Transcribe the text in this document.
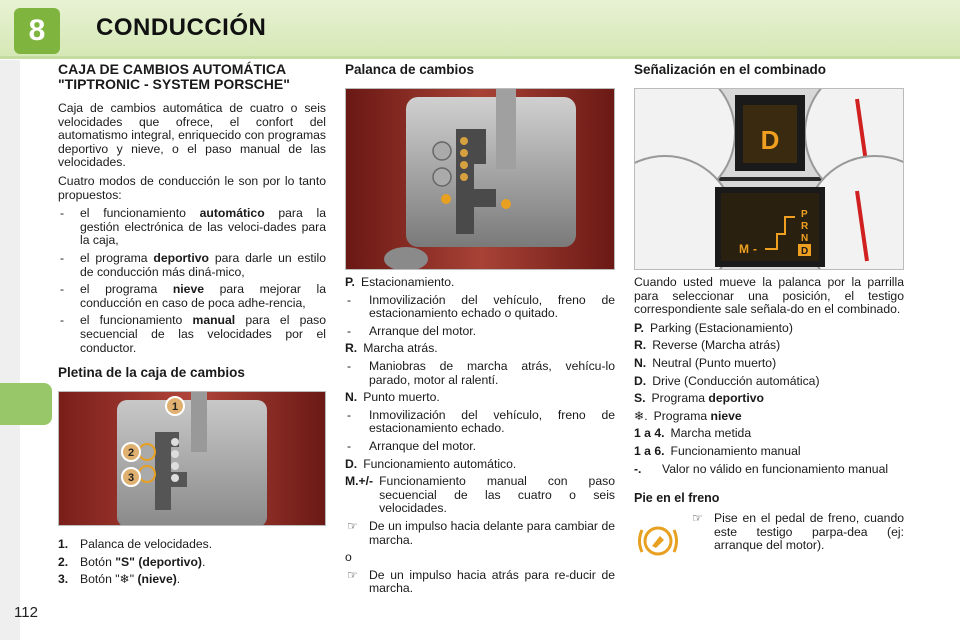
8	CONDUCCIÓN
112
CAJA DE CAMBIOS AUTOMÁTICA "TIPTRONIC - SYSTEM PORSCHE"

Caja de cambios automática de cuatro o seis velocidades que ofrece, el confort del automatismo integral, enriquecido con programas deportivo y nieve, o el paso manual de las velocidades.

Cuatro modos de conducción le son por lo tanto propuestos:

- el funcionamiento automático para la gestión electrónica de las veloci-dades para la caja,
- el programa deportivo para darle un estilo de conducción más diná-mico,
- el programa nieve para mejorar la conducción en caso de poca adhe-rencia,
- el funcionamiento manual para el paso secuencial de las velocidades por el conductor.
Pletina de la caja de cambios
1
2
3
1. Palanca de velocidades.
2. Botón "S" (deportivo).
3. Botón "❄" (nieve).
Palanca de cambios
P. Estacionamiento.
- Inmovilización del vehículo, freno de estacionamiento echado o quitado.
- Arranque del motor.
R. Marcha atrás.
- Maniobras de marcha atrás, vehícu-lo parado, motor al ralentí.
N. Punto muerto.
- Inmovilización del vehículo, freno de estacionamiento echado.
- Arranque del motor.
D. Funcionamiento automático.
M.+/- Funcionamiento manual con paso secuencial de las cuatro o seis velocidades.
☞ De un impulso hacia delante para cambiar de marcha.
o
☞ De un impulso hacia atrás para re-ducir de marcha.
Señalización en el combinado
D
M -
P
R
N
D

Cuando usted mueve la palanca por la parrilla para seleccionar una posición, el testigo correspondiente sale señala-do en el combinado.

P. Parking (Estacionamiento)
R. Reverse (Marcha atrás)
N. Neutral (Punto muerto)
D. Drive (Conducción automática)
S. Programa deportivo
❄. Programa nieve
1 a 4. Marcha metida
1 a 6. Funcionamiento manual
-.	Valor no válido en funcionamiento manual
Pie en el freno
☞ Pise en el pedal de freno, cuando este testigo parpa-dea (ej: arranque del motor).
